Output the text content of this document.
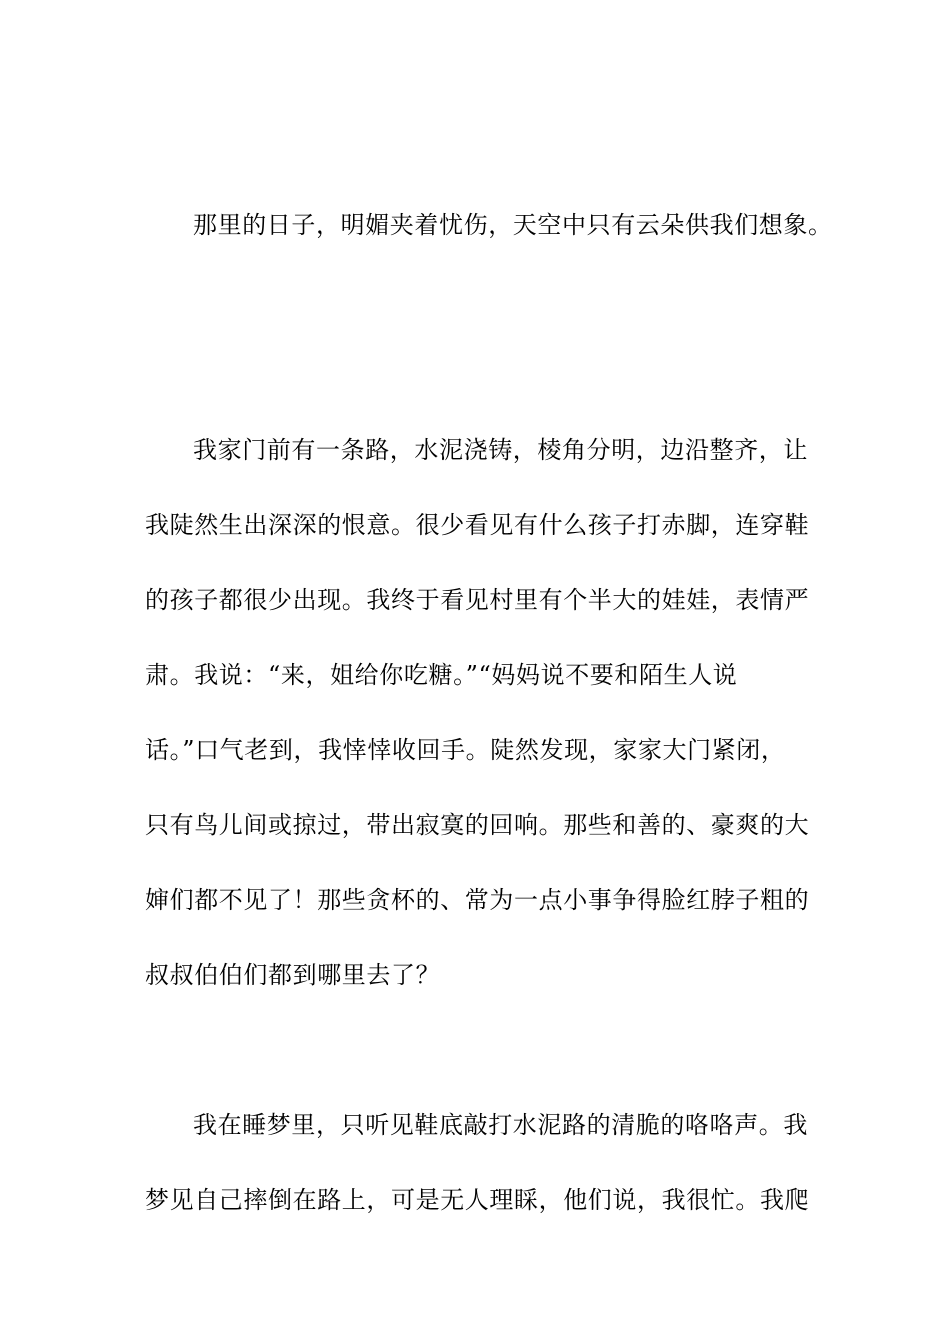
那里的日子，明媚夹着忧伤，天空中只有云朵供我们想象。
我家门前有一条路，水泥浇铸，棱角分明，边沿整齐，让
我陡然生出深深的恨意。很少看见有什么孩子打赤脚，连穿鞋
的孩子都很少出现。我终于看见村里有个半大的娃娃，表情严
肃。我说：“来，姐给你吃糖。”“妈妈说不要和陌生人说
话。”口气老到，我悻悻收回手。陡然发现，家家大门紧闭，
只有鸟儿间或掠过，带出寂寞的回响。那些和善的、豪爽的大
婶们都不见了！那些贪杯的、常为一点小事争得脸红脖子粗的
叔叔伯伯们都到哪里去了？
我在睡梦里，只听见鞋底敲打水泥路的清脆的咯咯声。我
梦见自己摔倒在路上，可是无人理睬，他们说，我很忙。我爬
